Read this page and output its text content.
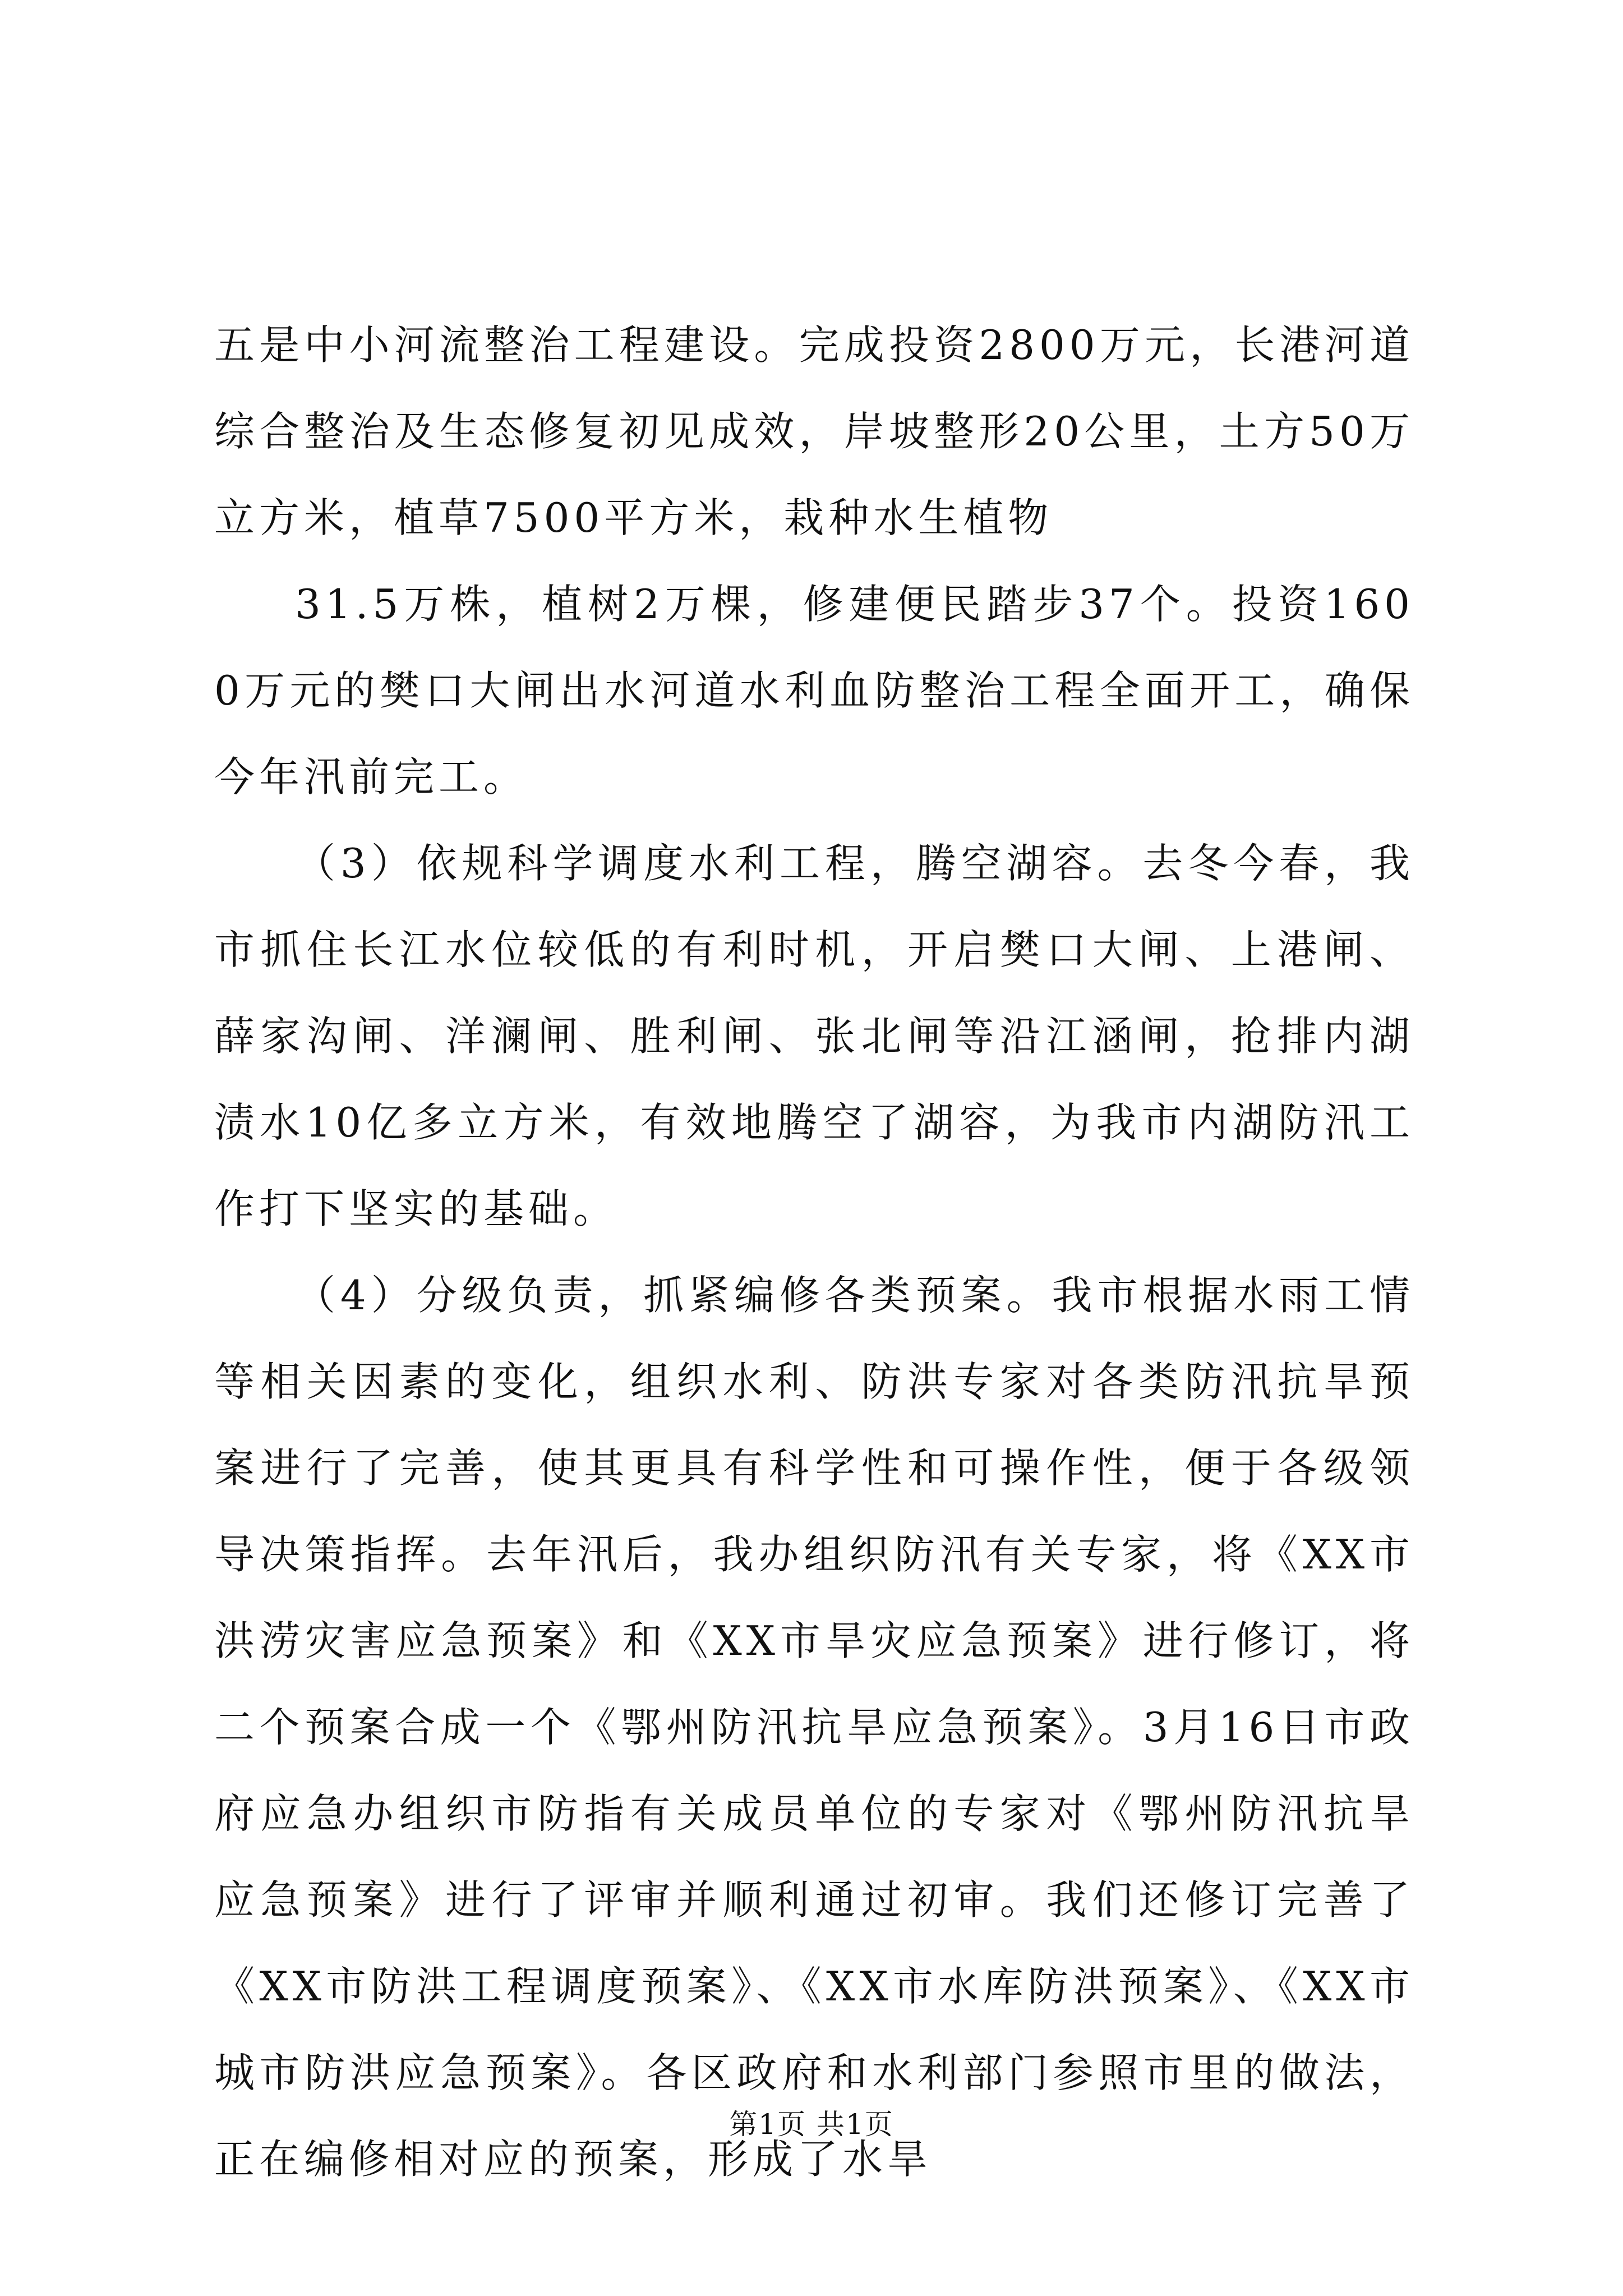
五是中小河流整治工程建设。完成投资2800万元，长港河道综合整治及生态修复初见成效，岸坡整形20公里，土方50万立方米，植草7500平方米，栽种水生植物

31.5万株，植树2万棵，修建便民踏步37个。投资1600万元的樊口大闸出水河道水利血防整治工程全面开工，确保今年汛前完工。

（3）依规科学调度水利工程，腾空湖容。去冬今春，我市抓住长江水位较低的有利时机，开启樊口大闸、上港闸、薛家沟闸、洋澜闸、胜利闸、张北闸等沿江涵闸，抢排内湖渍水10亿多立方米，有效地腾空了湖容，为我市内湖防汛工作打下坚实的基础。

（4）分级负责，抓紧编修各类预案。我市根据水雨工情等相关因素的变化，组织水利、防洪专家对各类防汛抗旱预案进行了完善，使其更具有科学性和可操作性，便于各级领导决策指挥。去年汛后，我办组织防汛有关专家，将《XX市洪涝灾害应急预案》和《XX市旱灾应急预案》进行修订，将二个预案合成一个《鄂州防汛抗旱应急预案》。3月16日市政府应急办组织市防指有关成员单位的专家对《鄂州防汛抗旱应急预案》进行了评审并顺利通过初审。我们还修订完善了《XX市防洪工程调度预案》、《XX市水库防洪预案》、《XX市城市防洪应急预案》。各区政府和水利部门参照市里的做法，正在编修相对应的预案，形成了水旱

第1页 共1页
